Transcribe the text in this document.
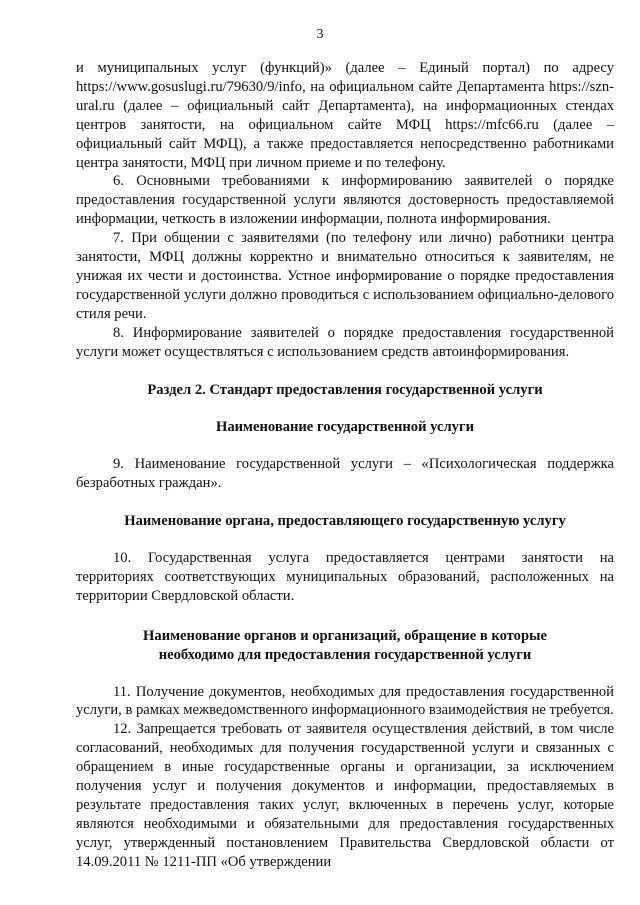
3

и муниципальных услуг (функций)» (далее – Единый портал) по адресу https://www.gosuslugi.ru/79630/9/info, на официальном сайте Департамента https://szn-ural.ru (далее – официальный сайт Департамента), на информационных стендах центров занятости, на официальном сайте МФЦ https://mfc66.ru (далее – официальный сайт МФЦ), а также предоставляется непосредственно работниками центра занятости, МФЦ при личном приеме и по телефону.

6. Основными требованиями к информированию заявителей о порядке предоставления государственной услуги являются достоверность предоставляемой информации, четкость в изложении информации, полнота информирования.

7. При общении с заявителями (по телефону или лично) работники центра занятости, МФЦ должны корректно и внимательно относиться к заявителям, не унижая их чести и достоинства. Устное информирование о порядке предоставления государственной услуги должно проводиться с использованием официально-делового стиля речи.

8. Информирование заявителей о порядке предоставления государственной услуги может осуществляться с использованием средств автоинформирования.

Раздел 2. Стандарт предоставления государственной услуги

Наименование государственной услуги

9. Наименование государственной услуги – «Психологическая поддержка безработных граждан».

Наименование органа, предоставляющего государственную услугу

10. Государственная услуга предоставляется центрами занятости на территориях соответствующих муниципальных образований, расположенных на территории Свердловской области.

Наименование органов и организаций, обращение в которые

необходимо для предоставления государственной услуги

11. Получение документов, необходимых для предоставления государственной услуги, в рамках межведомственного информационного взаимодействия не требуется.

12. Запрещается требовать от заявителя осуществления действий, в том числе согласований, необходимых для получения государственной услуги и связанных с обращением в иные государственные органы и организации, за исключением получения услуг и получения документов и информации, предоставляемых в результате предоставления таких услуг, включенных в перечень услуг, которые являются необходимыми и обязательными для предоставления государственных услуг, утвержденный постановлением Правительства Свердловской области от 14.09.2011 № 1211-ПП «Об утверждении
